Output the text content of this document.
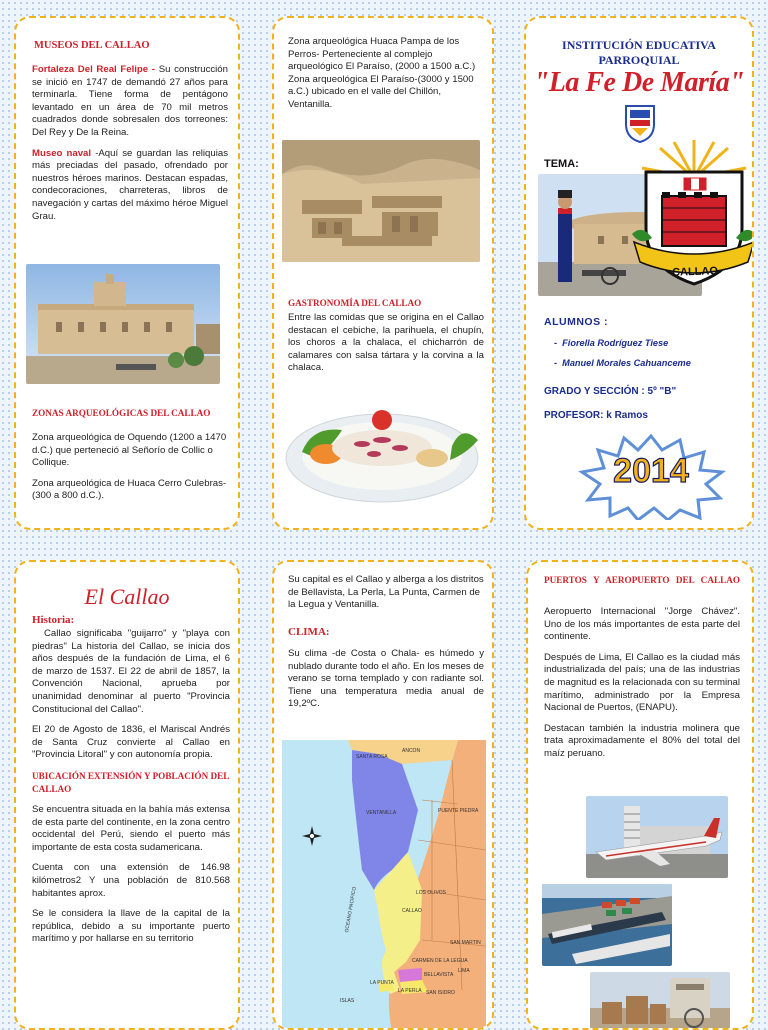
MUSEOS DEL CALLAO

Fortaleza Del Real Felipe - Su construcción se inició en 1747 de demandó 27 años para terminarla. Tiene forma de pentágono levantado en un área de 70 mil metros cuadrados donde sobresalen dos torreones: Del Rey y De la Reina.

Museo naval -Aquí se guardan las reliquias más preciadas del pasado, ofrendado por nuestros héroes marinos. Destacan espadas, condecoraciones, charreteras, libros de navegación y cartas del máximo héroe Miguel Grau.

ZONAS ARQUEOLÓGICAS DEL CALLAO

Zona arqueológica de Oquendo (1200 a 1470 d.C.) que perteneció al Señorío de Collic o Collique.

Zona arqueológica de Huaca Cerro Culebras- (300 a 800 d.C.).

Zona arqueológica Huaca Pampa de los Perros- Perteneciente al complejo arqueológico El Paraíso, (2000 a 1500 a.C.)

Zona arqueológica El Paraíso-(3000 y 1500 a.C.) ubicado en el valle del Chillón, Ventanilla.

GASTRONOMÍA DEL CALLAO

Entre las comidas que se origina en el Callao destacan el cebiche, la parihuela, el chupín, los choros a la chalaca, el chicharrón de calamares con salsa tártara y la corvina a la chalaca.

INSTITUCIÓN EDUCATIVA
PARROQUIAL
"La Fe De María"
TEMA:
CALLAO
ALUMNOS :
-  Fiorella Rodríguez Tiese
-  Manuel Morales Cahuanceme
GRADO Y SECCIÓN : 5º "B"
PROFESOR: k Ramos
2014
El Callao
Historia:

Callao significaba "guijarro" y "playa con piedras" La historia del Callao, se inicia dos años después de la fundación de Lima, el 6 de marzo de 1537. El 22 de abril de 1857, la Convención Nacional, aprueba por unanimidad denominar al puerto "Provincia Constitucional del Callao".

El 20 de Agosto de 1836, el Mariscal Andrés de Santa Cruz convierte al Callao en "Provincia Litoral" y con autonomía propia.

UBICACIÓN EXTENSIÓN Y POBLACIÓN DEL CALLAO

Se encuentra situada en la bahía más extensa de esta parte del continente, en la zona centro occidental del Perú, siendo el puerto más importante de esta costa sudamericana.

Cuenta con una extensión de 146.98 kilómetros2 Y una población de 810.568 habitantes aprox.

Se le considera la llave de la capital de la república, debido a su importante puerto marítimo y por hallarse en su territorio

Su capital es el Callao y alberga a los distritos de Bellavista, La Perla, La Punta, Carmen de la Legua y Ventanilla.

CLIMA:

Su clima -de Costa o Chala- es húmedo y nublado durante todo el año. En los meses de verano se torna templado y con radiante sol. Tiene una temperatura media anual de 19,2ºC.

SANTA ROSA
ANCON
VENTANILLA	PUENTE PIEDRA
LOS OLIVOS
CALLAO
SAN MARTIN
CARMEN DE LA LEGUA
BELLAVISTA
LIMA
LA PUNTA
LA PERLA SAN ISIDRO
OCEANO PACIFICO
ISLAS
PUERTOS Y AEROPUERTO DEL CALLAO

Aeropuerto Internacional "Jorge Chávez". Uno de los más importantes de esta parte del continente.

Después de Lima, El Callao es la ciudad más industrializada del país; una de las industrias de magnitud es la relacionada con su terminal marítimo, administrado por la Empresa Nacional de Puertos, (ENAPU).

Destacan también la industria molinera que trata aproximadamente el 80% del total del maíz peruano.
